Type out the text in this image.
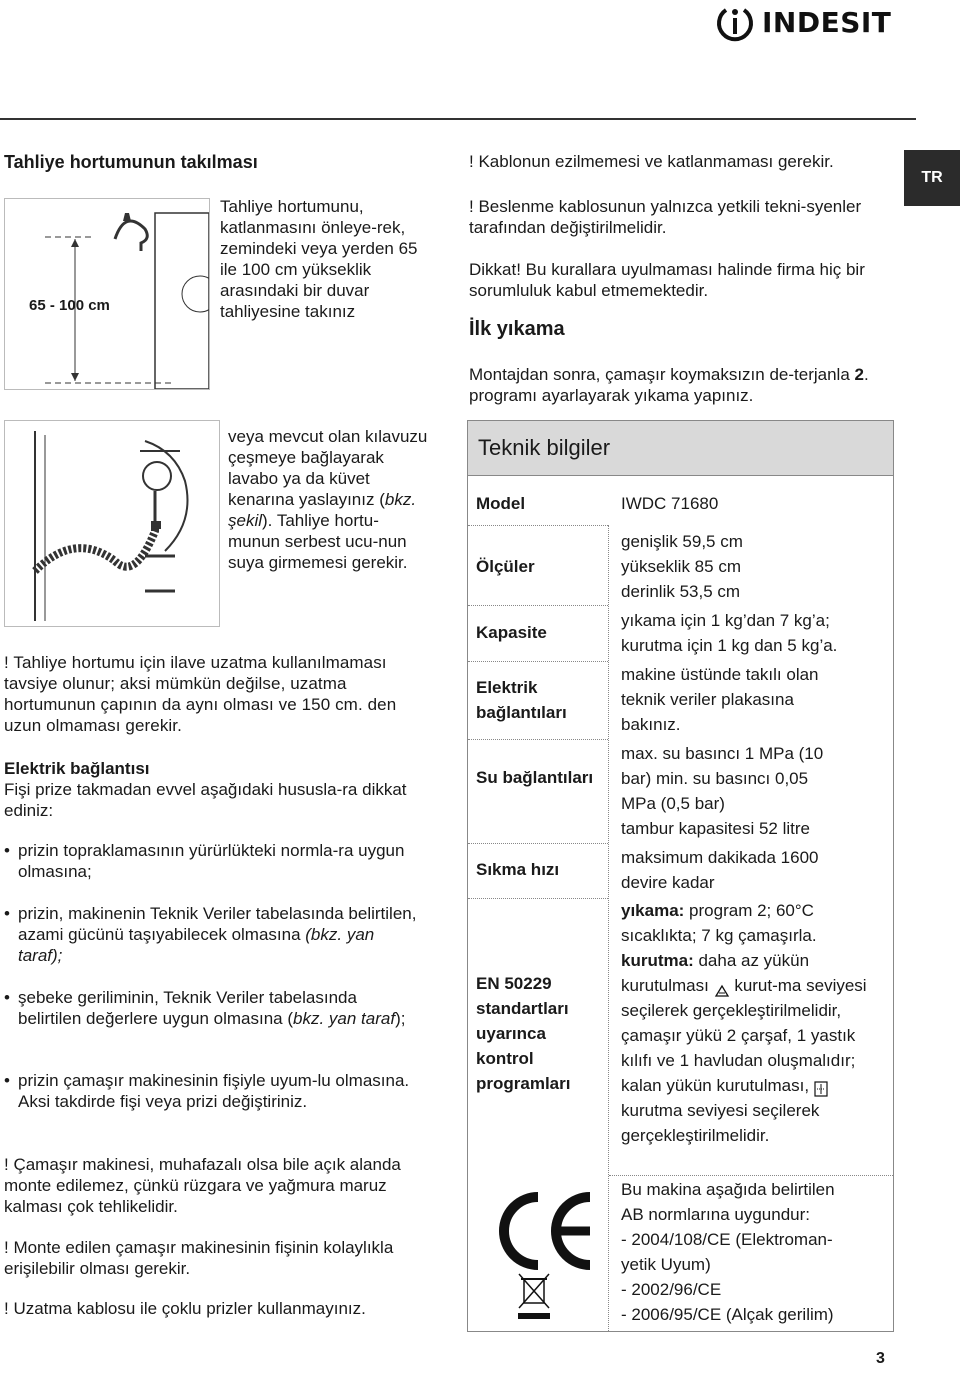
INDESIT
TR
Tahliye hortumunun takılması
65 - 100 cm
Tahliye hortumunu, katlanmasını önleye-rek, zemindeki veya yerden 65 ile 100 cm yükseklik arasındaki bir duvar tahliyesine takınız
veya mevcut olan kılavuzu çeşmeye bağlayarak lavabo ya da küvet kenarına yaslayınız (bkz. şekil). Tahliye hortu-munun serbest ucu-nun suya girmemesi gerekir.
! Tahliye hortumu için ilave uzatma kullanılmaması tavsiye olunur; aksi mümkün değilse, uzatma hortumunun çapının da aynı olması ve 150 cm. den uzun olmaması gerekir.
Elektrik bağlantısı
Fişi prize takmadan evvel aşağıdaki hususla-ra dikkat ediniz:
• prizin topraklamasının yürürlükteki normla-ra uygun olmasına;
• prizin, makinenin Teknik Veriler tabelasında belirtilen, azami gücünü taşıyabilecek olmasına (bkz. yan taraf);
• şebeke geriliminin, Teknik Veriler tabelasında belirtilen değerlere uygun olmasına (bkz. yan taraf);
• prizin çamaşır makinesinin fişiyle uyum-lu olmasına. Aksi takdirde fişi veya prizi değiştiriniz.
! Çamaşır makinesi, muhafazalı olsa bile açık alanda monte edilemez, çünkü rüzgara ve yağmura maruz kalması çok tehlikelidir.
! Monte edilen çamaşır makinesinin fişinin kolaylıkla erişilebilir olması gerekir.
! Uzatma kablosu ile çoklu prizler kullanmayınız.
! Kablonun ezilmemesi ve katlanmaması gerekir.
! Beslenme kablosunun yalnızca yetkili tekni-syenler tarafından değiştirilmelidir.
Dikkat! Bu kurallara uyulmaması halinde firma hiç bir sorumluluk kabul etmemektedir.
İlk yıkama
Montajdan sonra, çamaşır koymaksızın de-terjanla 2. programı ayarlayarak yıkama yapınız.
Teknik bilgiler
Model	IWDC 71680
Ölçüler
genişlik 59,5 cm
yükseklik 85 cm
derinlik 53,5 cm
Kapasite
yıkama için 1 kg’dan 7 kg’a;
kurutma için 1 kg dan 5 kg’a.
Elektrik bağlantıları
makine üstünde takılı olan
teknik veriler plakasına
bakınız.
Su bağlantıları
max. su basıncı 1 MPa (10
bar) min. su basıncı 0,05
MPa (0,5 bar)
tambur kapasitesi 52 litre
Sıkma hızı
maksimum dakikada 1600
devire kadar
EN 50229 standartları uyarınca kontrol programları
yıkama: program 2; 60°C sıcaklıkta; 7 kg çamaşırla. kurutma: daha az yükün kurutulması  kurut-ma seviyesi seçilerek gerçekleştirilmelidir, çamaşır yükü 2 çarşaf, 1 yastık kılıfı ve 1 havludan oluşmalıdır; kalan yükün kurutulması,  kurutma seviyesi seçilerek gerçekleştirilmelidir.
Bu makina aşağıda belirtilen
AB normlarına uygundur:
- 2004/108/CE (Elektroman-
yetik Uyum)
- 2002/96/CE
- 2006/95/CE (Alçak gerilim)
3
